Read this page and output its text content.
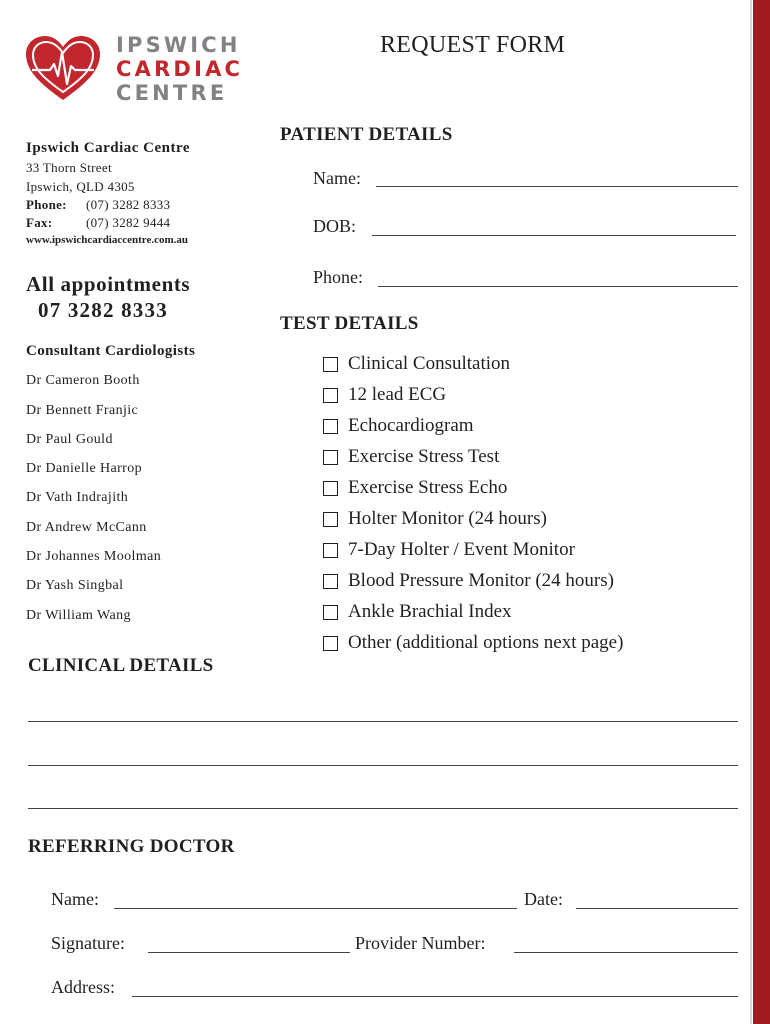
IPSWICH
CARDIAC
CENTRE
REQUEST FORM
Ipswich Cardiac Centre
33 Thorn Street
Ipswich, QLD 4305
Phone: (07) 3282 8333
Fax:	(07) 3282 9444
www.ipswichcardiaccentre.com.au
All appointments
07 3282 8333
Consultant Cardiologists
Dr Cameron Booth
Dr Bennett Franjic
Dr Paul Gould
Dr Danielle Harrop
Dr Vath Indrajith
Dr Andrew McCann
Dr Johannes Moolman
Dr Yash Singbal
Dr William Wang
PATIENT DETAILS
Name:
DOB:
Phone:
TEST DETAILS
Clinical Consultation
12 lead ECG
Echocardiogram
Exercise Stress Test
Exercise Stress Echo
Holter Monitor (24 hours)
7-Day Holter / Event Monitor
Blood Pressure Monitor (24 hours)
Ankle Brachial Index
Other (additional options next page)
CLINICAL DETAILS
REFERRING DOCTOR
Name:	Date:
Signature:	Provider Number:
Address:
